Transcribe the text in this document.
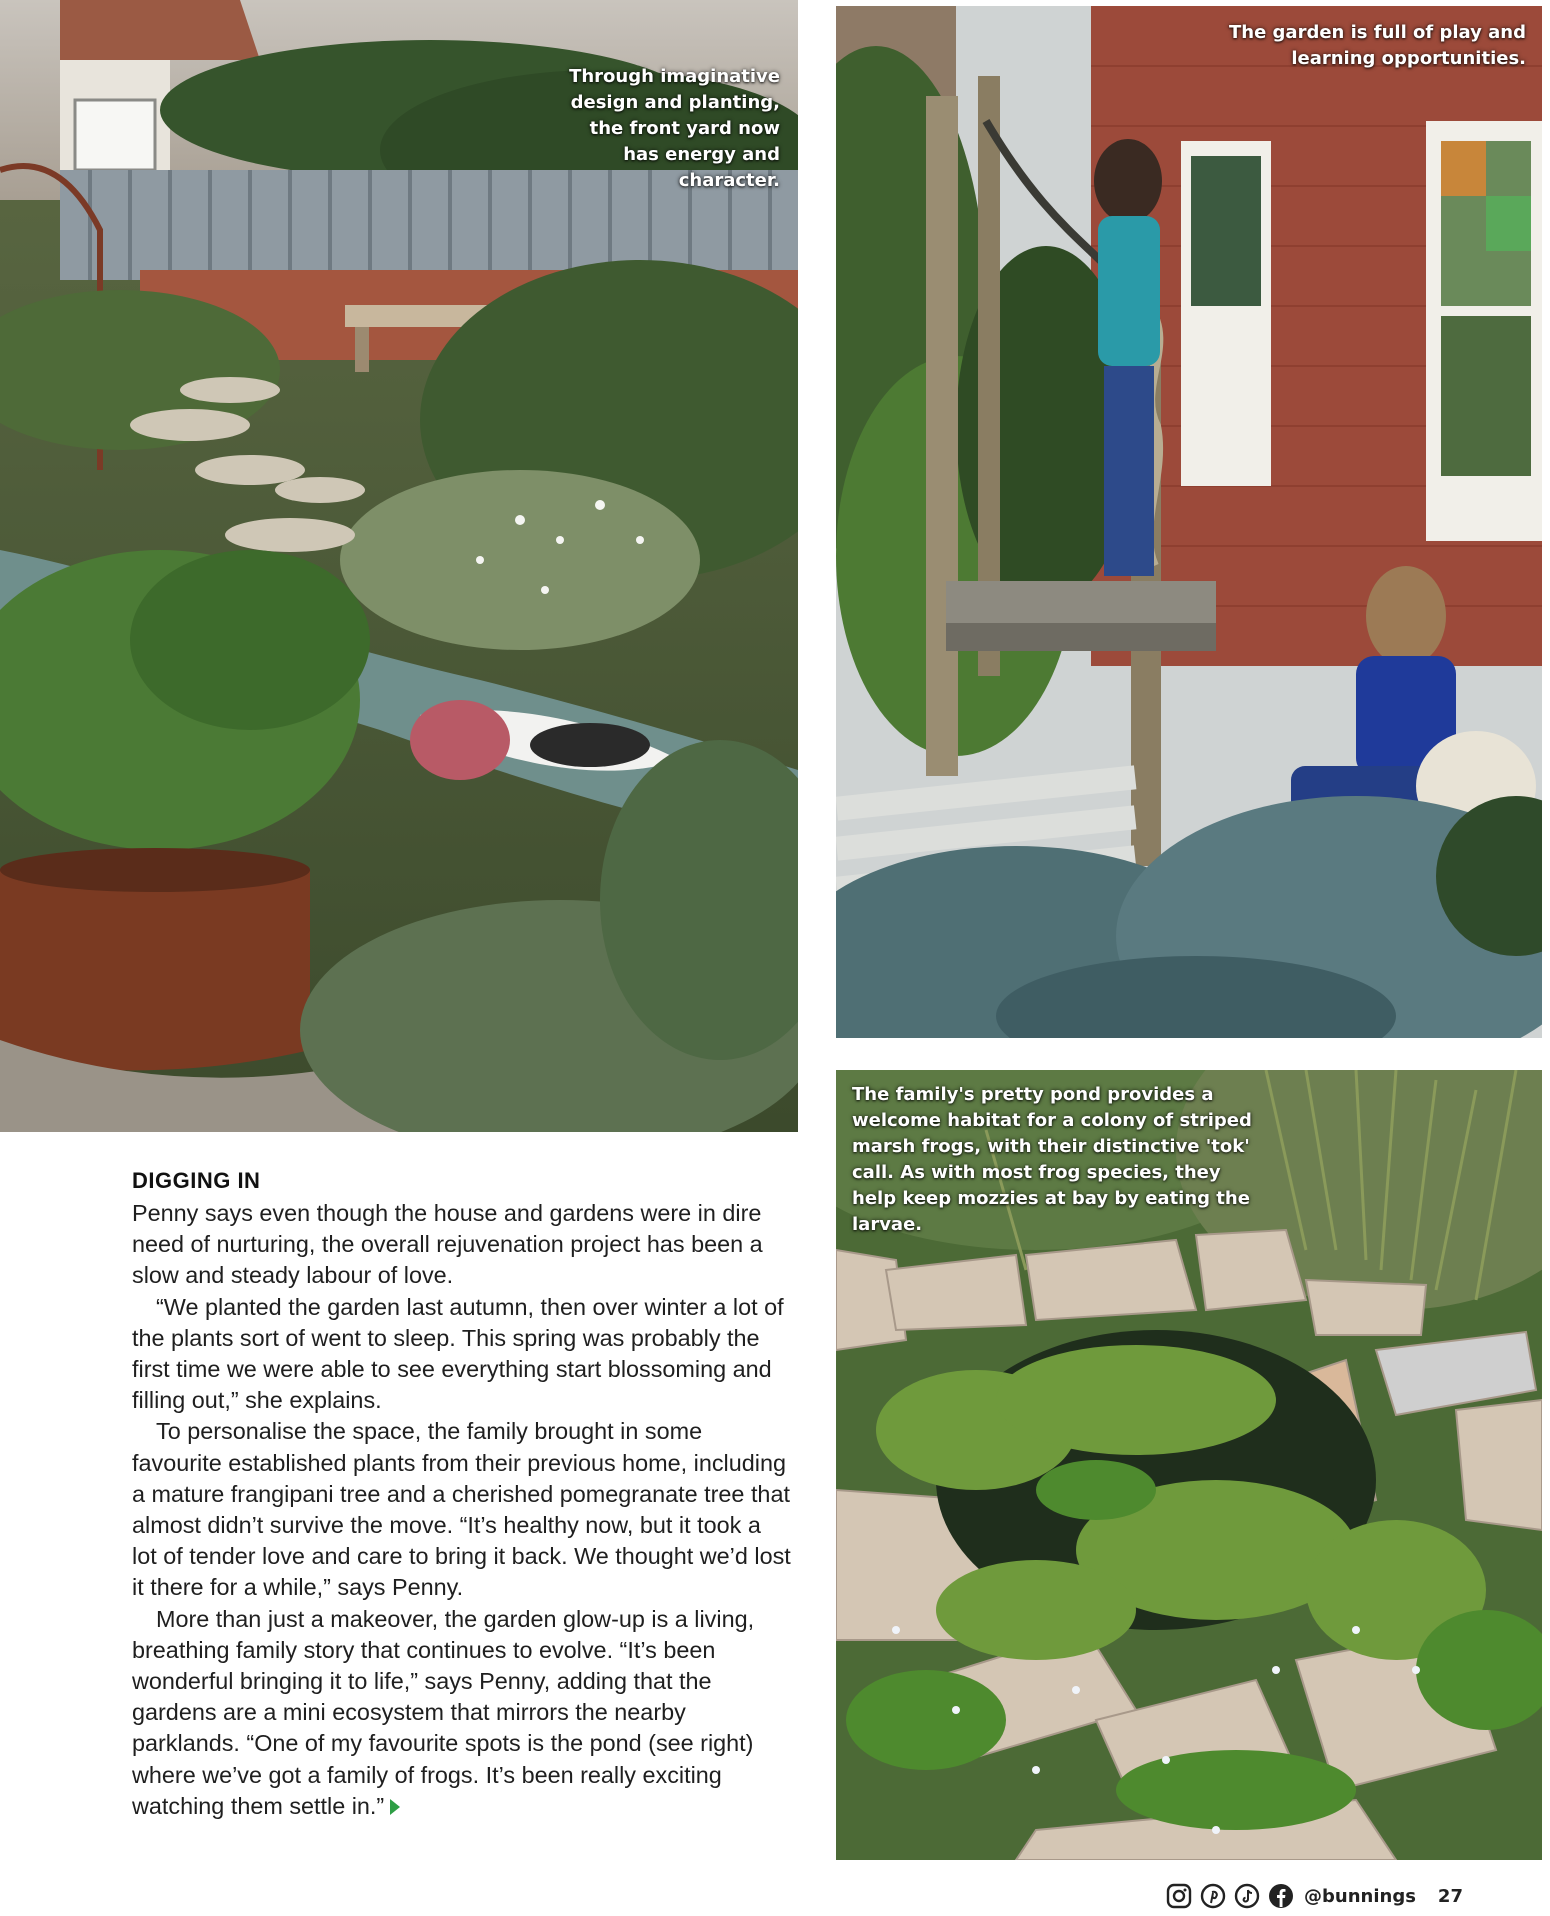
Through imaginative design and planting, the front yard now has energy and character.
The garden is full of play and learning opportunities.
The family's pretty pond provides a welcome habitat for a colony of striped marsh frogs, with their distinctive 'tok' call. As with most frog species, they help keep mozzies at bay by eating the larvae.
DIGGING IN

Penny says even though the house and gardens were in dire need of nurturing, the overall rejuvenation project has been a slow and steady labour of love.

“We planted the garden last autumn, then over winter a lot of the plants sort of went to sleep. This spring was probably the first time we were able to see everything start blossoming and filling out,” she explains.

To personalise the space, the family brought in some favourite established plants from their previous home, including a mature frangipani tree and a cherished pomegranate tree that almost didn’t survive the move. “It’s healthy now, but it took a lot of tender love and care to bring it back. We thought we’d lost it there for a while,” says Penny.

More than just a makeover, the garden glow-up is a living, breathing family story that continues to evolve. “It’s been wonderful bringing it to life,” says Penny, adding that the gardens are a mini ecosystem that mirrors the nearby parklands. “One of my favourite spots is the pond (see right) where we’ve got a family of frogs. It’s been really exciting watching them settle in.”

@bunnings 27
